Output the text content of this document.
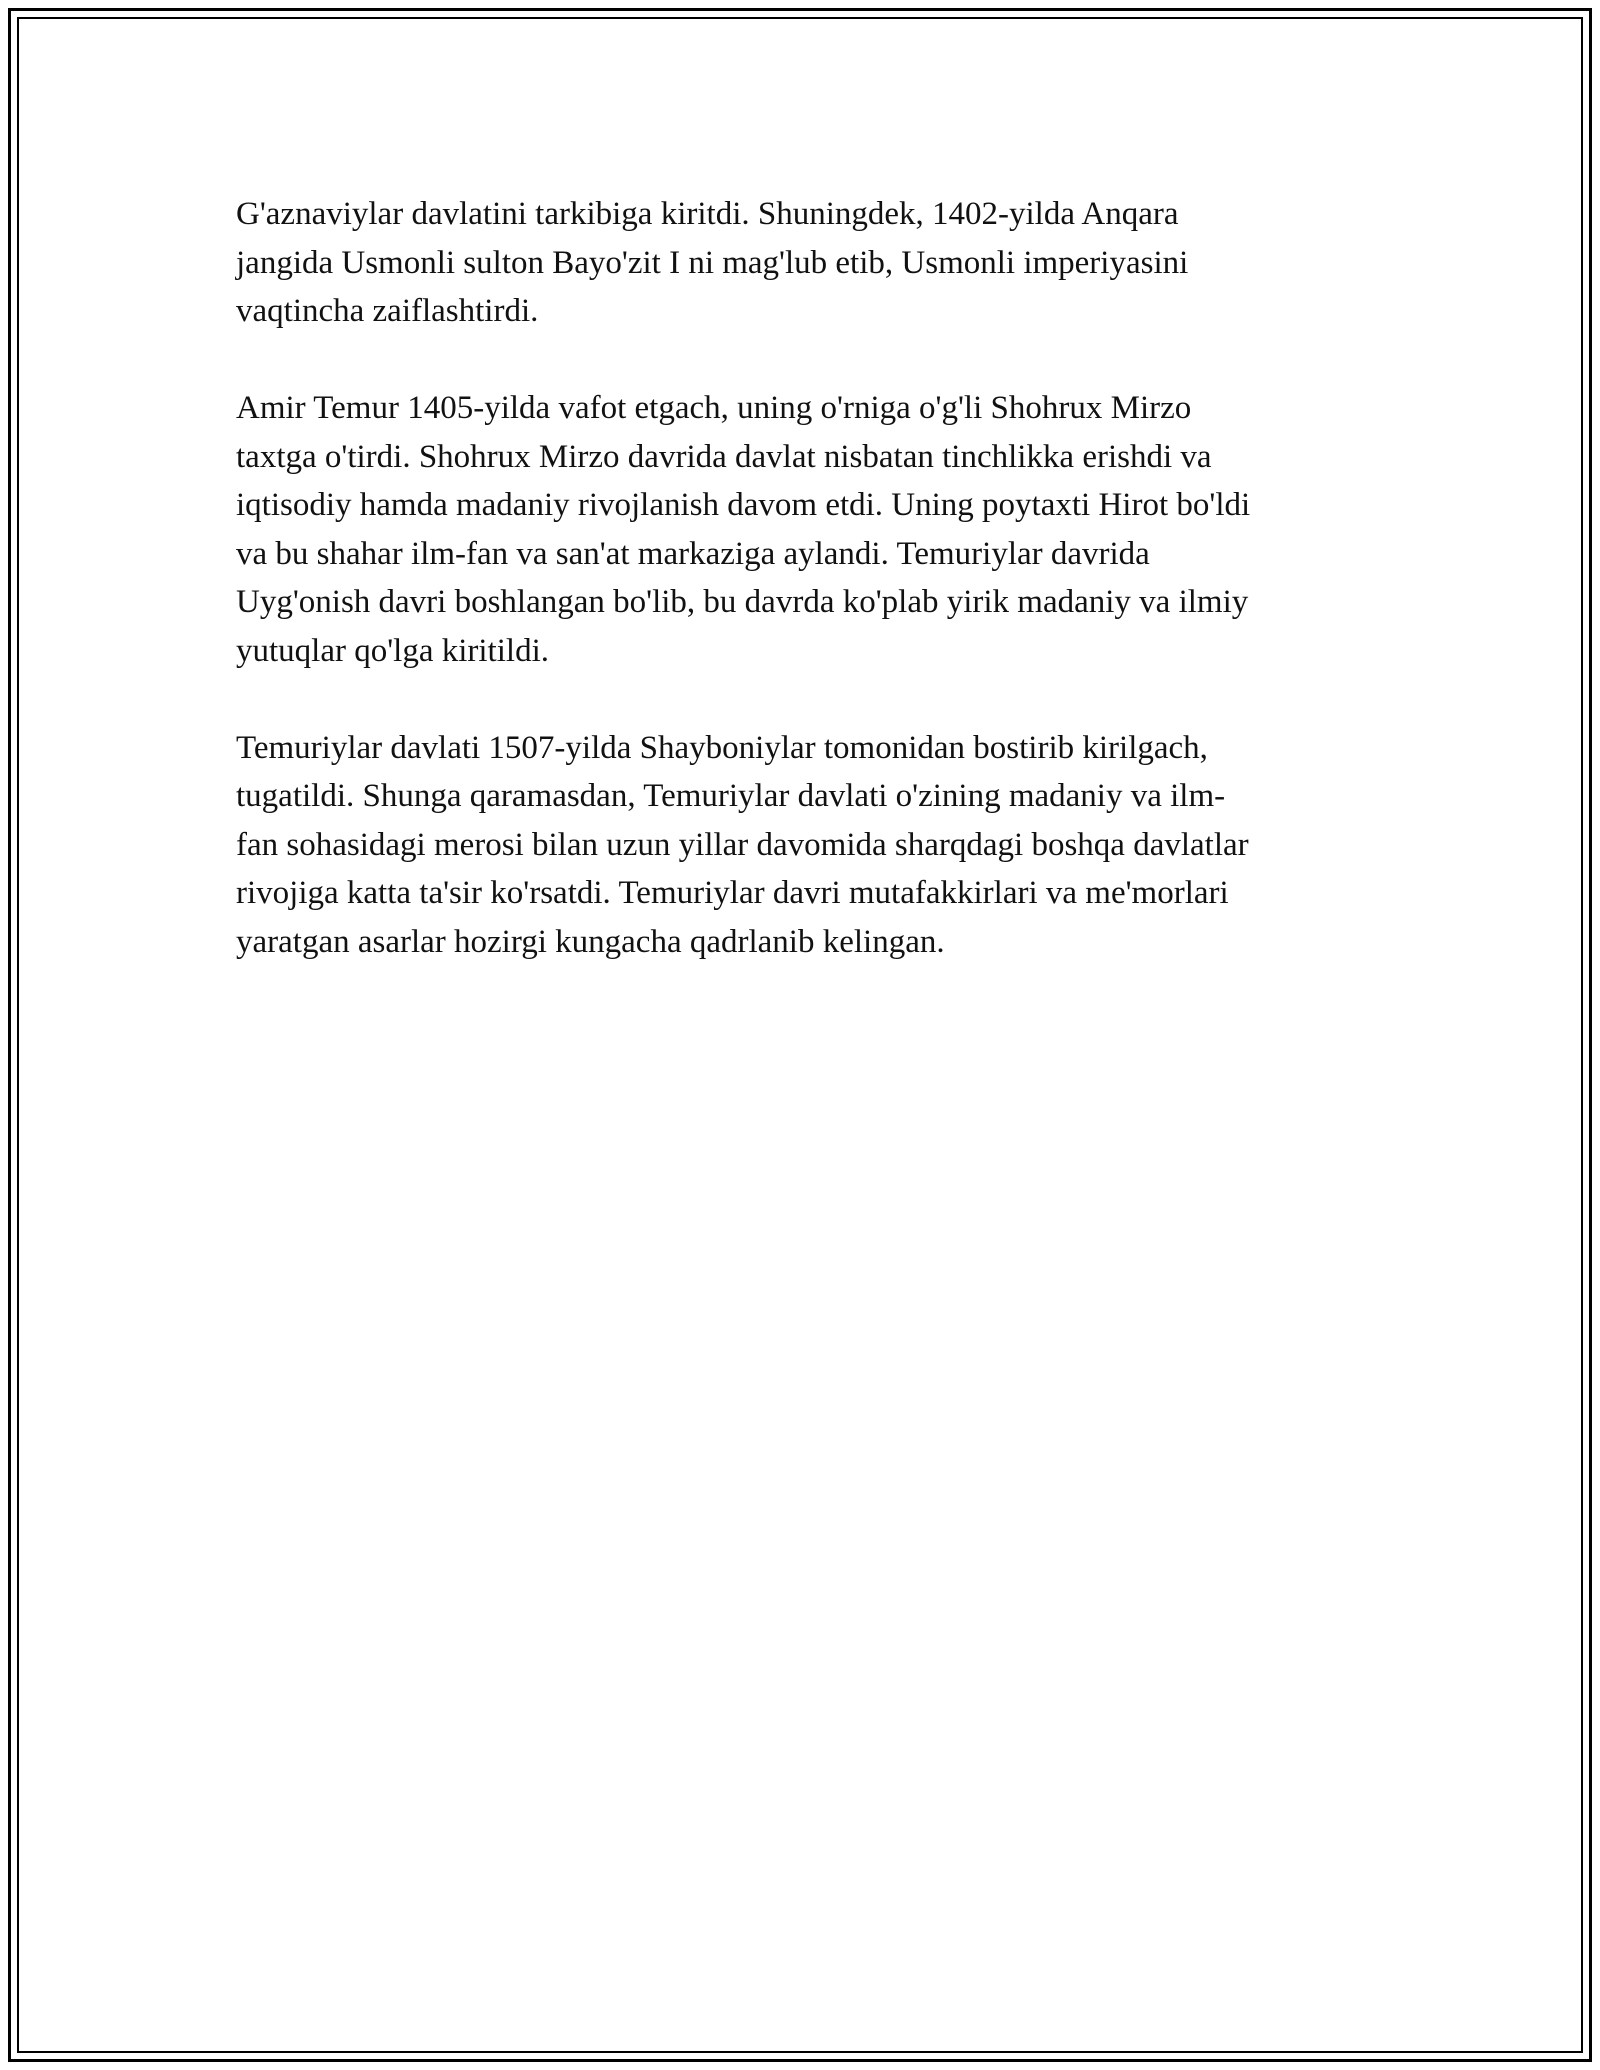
G'aznaviylar davlatini tarkibiga kiritdi. Shuningdek, 1402-yilda Anqara
jangida Usmonli sulton Bayo'zit I ni mag'lub etib, Usmonli imperiyasini
vaqtincha zaiflashtirdi.

Amir Temur 1405-yilda vafot etgach, uning o'rniga o'g'li Shohrux Mirzo
taxtga o'tirdi. Shohrux Mirzo davrida davlat nisbatan tinchlikka erishdi va
iqtisodiy hamda madaniy rivojlanish davom etdi. Uning poytaxti Hirot bo'ldi
va bu shahar ilm-fan va san'at markaziga aylandi. Temuriylar davrida
Uyg'onish davri boshlangan bo'lib, bu davrda ko'plab yirik madaniy va ilmiy
yutuqlar qo'lga kiritildi.

Temuriylar davlati 1507-yilda Shayboniylar tomonidan bostirib kirilgach,
tugatildi. Shunga qaramasdan, Temuriylar davlati o'zining madaniy va ilm-
fan sohasidagi merosi bilan uzun yillar davomida sharqdagi boshqa davlatlar
rivojiga katta ta'sir ko'rsatdi. Temuriylar davri mutafakkirlari va me'morlari
yaratgan asarlar hozirgi kungacha qadrlanib kelingan.
